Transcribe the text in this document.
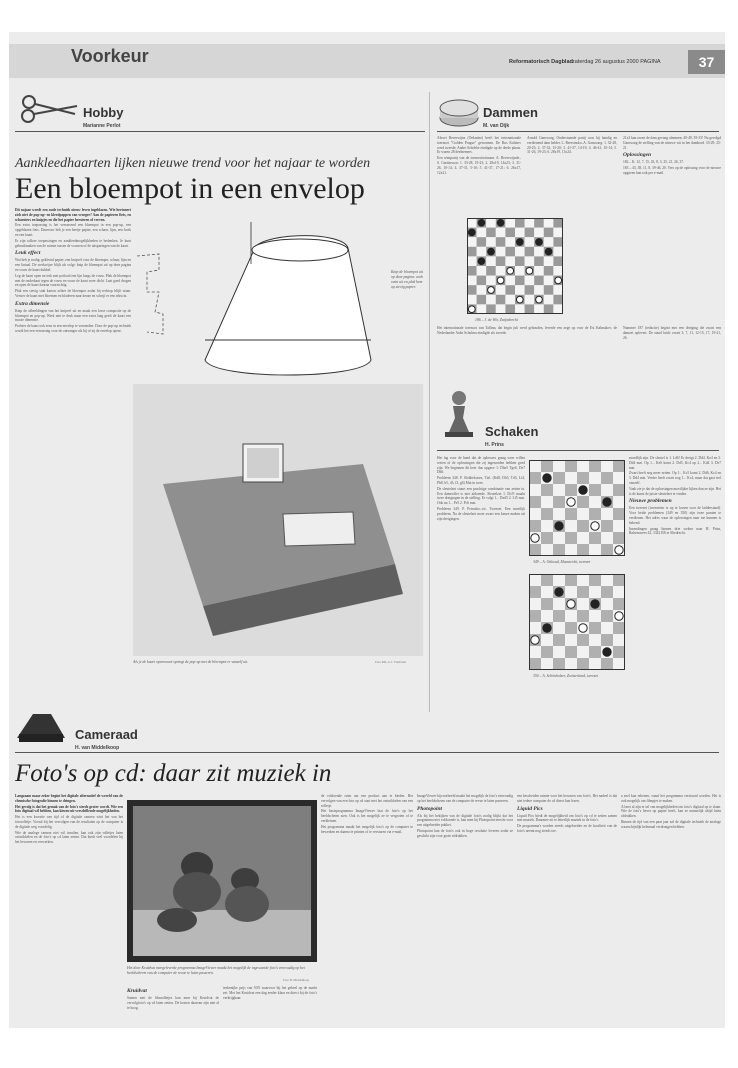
Voorkeur	Reformatorisch Dagblad zaterdag 26 augustus 2000 PAGINA	37
Hobby
Marianne Perlot
Aankleedhaarten lijken nieuwe trend voor het najaar te worden
Een bloempot in een envelop

Dit najaar wordt een oude techniek nieuw leven ingeblazen. Wie herinnert zich niet de pop-up- en kleedpoppen van vroeger? Aan de papieren fiets, en scharniers en knipjes en die het papier hersieren of verven.

Een extra toepassing is het verrassend een bloempot in een pop-up, een opgeblazen fiets. Daarvoor heb je een beetje papier, een schaar, lijm, een boek en een kaart.

Er zijn talloze toepassingen en aankleedmogelijkheden te bedenken. Je kunt gebruikmaken van de ruimte tussen de vouwen of de uitsparingen van de kaart.

Leuk effect

Wat heb je nodig: gekleurd papier, een knipvel voor de bloempot, schaar, lijm en een liniaal. De werkwijze blijft als volgt: knip de bloempot uit op deze pagina en vouw de kaart dubbel.

Leg de kaart open en trek met potlood een lijn langs de vouw. Plak de bloempot met de onderkant tegen de vouw en vouw de kaart weer dicht. Laat goed drogen en open de kaart daarna voorzichtig.

Plak een stevig stuk karton achter de bloempot zodat hij rechtop blijft staan. Versier de kaart met bloemen en bladeren naar keuze en schrijf er een tekst in.

Extra dimensie

Knip de afbeeldingen van het knipvel uit en maak een losse composite op de bloempot en pop-up. Werk niet te druk maar een extra laag geeft de kaart een mooie dimensie.

Probeer de kaart ook eens in een envelop te verzenden. Door de pop-up techniek wordt het een verrassing voor de ontvanger als hij of zij de envelop opent.

Knip de bloempot uit op deze pagina: zoek ruim uit en plak hem op stevig papier.
Als je de kaart openvouwt springt de pop-up met de bloempot er vanzelf uit.	Foto RD, G.J. Vlasblom
Dammen
M. van Dijk

Alexei Beverwijnz (Oekraïne) heeft het internationale toernooi "Golden Prague" gewonnen. De Rus Kalinov werd tweede; Andre Schobbe eindigde op de derde plaats. Er waren 28 deelnemers.

Een wintpartij van de toernooiwinnaar. A. Beverwijnde–S. Gardarsson: 1. 33-28, 19-23; 2. 28x19, 14x23; 3. 31-26, 10-14; 4. 37-31, 5-10; 5. 41-37, 17-21; 6. 26x17, 12x21.

Arnold Ganswarg, Onderstaande partij won hij handig en verdienend dam helder. L. Beresinsko–A. Ganswarg: 1. 32-28, 20-25; 2. 37-32, 15-20; 3. 41-37, 14-19; 4. 46-41, 10-14; 5. 31-26, 19-23; 6. 28x19, 13x24.

21x3 kan zwart de dam gevang afnemen; 40-49, 39-33! Nu gevolgd Ganswarg de stelling van de nieuwe wit in het dambord. 33-29, 25-21.

Oplossingen

182 – K. 12, 7, 15, 43, 8, 3, 25, 21, 26, 37.

183 – 43, 38, 11, 8, 39-46, 20. Vers op de oplossing voor de nieuwe opgaven kan ook per e-mail.

186 – J. de Wit, Zwijndrecht

Het internationale toernooi van Tallinn, dat begin juli werd gehouden, leverde een zege op voor de Est Kalmakov; de Nederlander Auke Scholma eindigde als tweede.

Nummer 187 (redactie) begint met een dreiging die zwart een damzet oplevert. De stand luidt: zwart 3, 7, 11, 12-15, 17, 19-21, 26.

Schaken
H. Prins

Het lag voor de hand dat de oplossers graag weer willen weten of de oplossingen die zij ingezonden hebben goed zijn. We beginnen dit keer dus opgave 1: Dhe5 Tge6, De7 Db6.

Probleem 348. P. Slobbekoorn, Tiel. (Kd8, Dh5, Td3, Lf4, Pb8, b5, d3, f3, g6) Mat in twee.

De sleutelzet stuurt een prachtige combinatie van zetten in. Een dameoffer is niet afdoende. Sleutelzet 1. Dc5! maakt twee dreigingen in de stelling. Er volgt 1... Dxd5 2. Lf5 mat. Ook na 1... Pe5 2. Pc6 mat.

Probleem 349. P. Petrusko–vic. Tweezet. Een moeilijk probleem. Na de sleutelzet moet zwart een keuze maken uit zijn dreigingen.

349 – A. Onkoud, Maastricht, tweezet
350 – A. Schönholzer, Zwitserland, tweezet

moedlijk zijn. De sleutel is 1. Ld6! Er dreigt 2. Dd4. Ko4 en 3. Dd4 mat. Op 1... Ke6 komt 2. Dd5, Kc4 op 2... Kd4 3. De7 mat.

Zwart heeft nog meer zetten. Op 1... Kc5 komt 2. Dd6, Kc4 en 3. Dd4 mat. Verder heeft zwart nog 1... Kc4, maar dat gaat wel vanzelf.

Vaak zie je dat de oplossingen moeilijker lijken dan ze zijn. Het is de kunst de juiste sleutelzet te vinden.

Nieuwe problemen

Een tweezet (tweezetter is op te lossen voor de ladderstand). Voor beide problemen (349 en 350) zijn twee punten te verdienen. Het adres waar de oplossingen naar toe kunnen is bekend.

Inzendingen graag binnen drie weken naar H. Prins, Balsemweer 42, 3342 ER te Sliedrecht.

Cameraad
H. van Middelkoop
Foto's op cd: daar zit muziek in

Langzaam maar zeker begint het digitale alternatief de wereld van de chemische fotografie binnen te dringen.

Het gevolg is dat het gemak van de foto's steeds groter wordt. Wie een foto digitaal wil hebben, kan kiezen uit verschillende mogelijkheden.

Het is een kwestie van tijd of de digitale camera wint het van het fotorolletje. Vooral bij het vervolgen van de resultaten op de computer is de digitale weg voordelig.

Wie de analoge camera niet wil inruilen, kan ook zijn rolletjes laten ontwikkelen en de foto's op cd laten zetten. Dat biedt veel voordelen bij het bewaren en verwerken.

Het door Kruidvat meegeleverde programma ImageViewer maakt het mogelijk de ingescande foto's eenvoudig op het beeldscherm van de computer de revue te laten passeren.
Foto H. Middelkoop

Kruidvat

Samen met de filmrolletjes kan men bij Kruidvat de vervolgfoto's op cd laten zetten. De kosten daarvan zijn niet al te hoog.

teekenijke prijs van 9,95 waarvoor hij het geheel op de markt zet. Met het Kruidvat een dag eerder klaar en direct bij de foto's verkrijgbaar.

de voldoende ruim om een product aan te bieden. Het vervolgen van een foto op cd start met het ontwikkelen van een rolletje.

Het basisprogramma ImageViewer laat de foto's op het beeldscherm zien. Ook is het mogelijk ze te vergroten of te verkleinen.

Het programma maakt het mogelijk foto's op de computer te bewerken en daarna te printen of te versturen via e-mail.

ImageViewer bijvoorbeeld maakt het mogelijk de foto's eenvoudig op het beeldscherm van de computer de revue te laten passeren.

Photopoint

Als bij het bekijken van de digitale foto's nodig blijkt dat het programma niet voldoende is, kan men bij Photopoint terecht voor een uitgebreider pakket.

Photopoint kan de foto's ook in hoge resolutie leveren zodat ze geschikt zijn voor grote afdrukken.

een bescheiden ruimte voor het bewaren van foto's. Het nadeel is dat niet iedere computer de cd direct kan lezen.

Liquid Pics

Liquid Pics biedt de mogelijkheid om foto's op cd te zetten samen met muziek. Daarmee zit er letterlijk muziek in de foto's.

De programma's worden steeds uitgebreider en de kwaliteit van de foto's neemt nog steeds toe.

a snel kan rekenen, vanaf het programma verstuurd worden. Het is ook mogelijk om filmpjes te maken.

Al met al zijn er tal van mogelijkheden om foto's digitaal op te slaan. Wie de foto's liever op papier heeft, kan ze natuurlijk altijd laten afdrukken.

Binnen de tijd van een paar jaar zal de digitale techniek de analoge waarschijnlijk helemaal verdrongen hebben.
